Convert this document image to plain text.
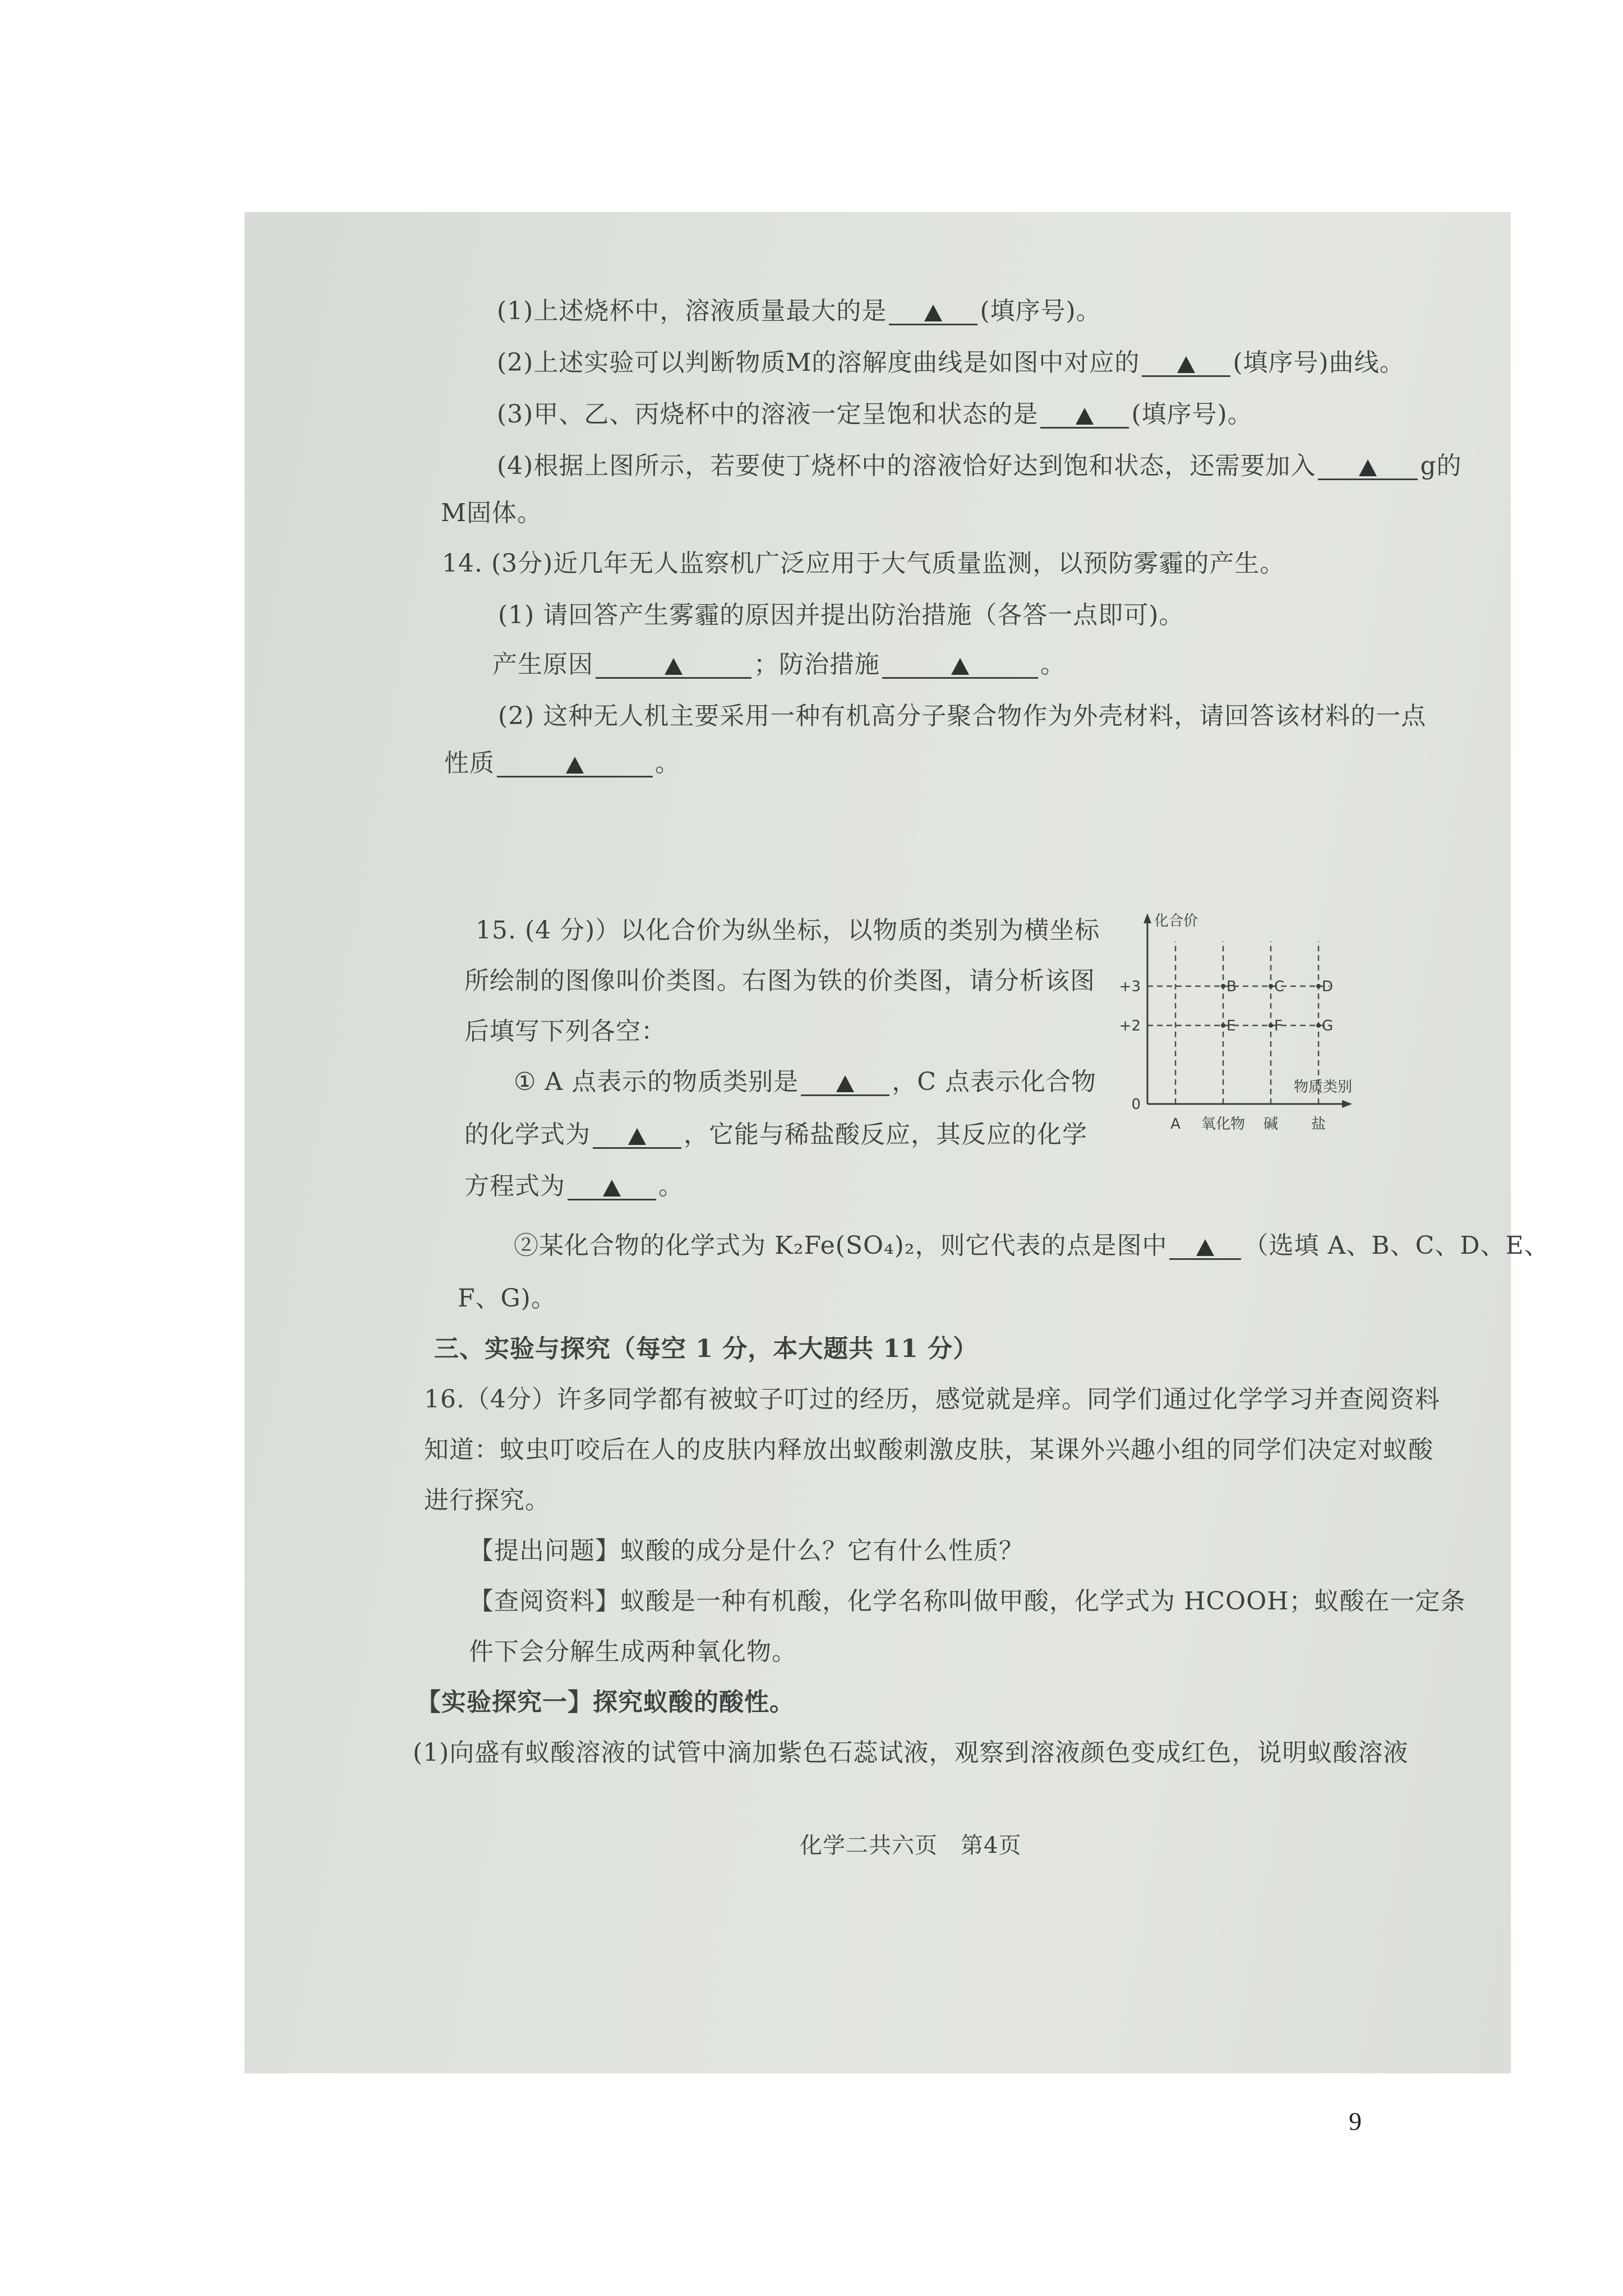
(1)上述烧杯中，溶液质量最大的是	(填序号)。
(2)上述实验可以判断物质M的溶解度曲线是如图中对应的	(填序号)曲线。
(3)甲、乙、丙烧杯中的溶液一定呈饱和状态的是	(填序号)。
(4)根据上图所示，若要使丁烧杯中的溶液恰好达到饱和状态，还需要加入	g的
M固体。
14. (3分)近几年无人监察机广泛应用于大气质量监测，以预防雾霾的产生。
(1) 请回答产生雾霾的原因并提出防治措施（各答一点即可)。
产生原因	；防治措施	。
(2) 这种无人机主要采用一种有机高分子聚合物作为外壳材料，请回答该材料的一点
性质	。
15. (4 分)）以化合价为纵坐标，以物质的类别为横坐标
所绘制的图像叫价类图。右图为铁的价类图，请分析该图
后填写下列各空：
① A 点表示的物质类别是	，C 点表示化合物
的化学式为	，它能与稀盐酸反应，其反应的化学
方程式为	。
②某化合物的化学式为 K₂Fe(SO₄)₂，则它代表的点是图中	（选填 A、B、C、D、E、
F、G)。
+3
+2
0
A 氧化物 碱 盐
化合价
物质类别
B	C	D
E	F	G
三、实验与探究（每空 1 分，本大题共 11 分）
16.（4分）许多同学都有被蚊子叮过的经历，感觉就是痒。同学们通过化学学习并查阅资料
知道：蚊虫叮咬后在人的皮肤内释放出蚁酸刺激皮肤，某课外兴趣小组的同学们决定对蚁酸
进行探究。
【提出问题】蚁酸的成分是什么？它有什么性质？
【查阅资料】蚁酸是一种有机酸，化学名称叫做甲酸，化学式为 HCOOH；蚁酸在一定条
件下会分解生成两种氧化物。
【实验探究一】探究蚁酸的酸性。
(1)向盛有蚁酸溶液的试管中滴加紫色石蕊试液，观察到溶液颜色变成红色，说明蚁酸溶液
化学二共六页　第4页
9
